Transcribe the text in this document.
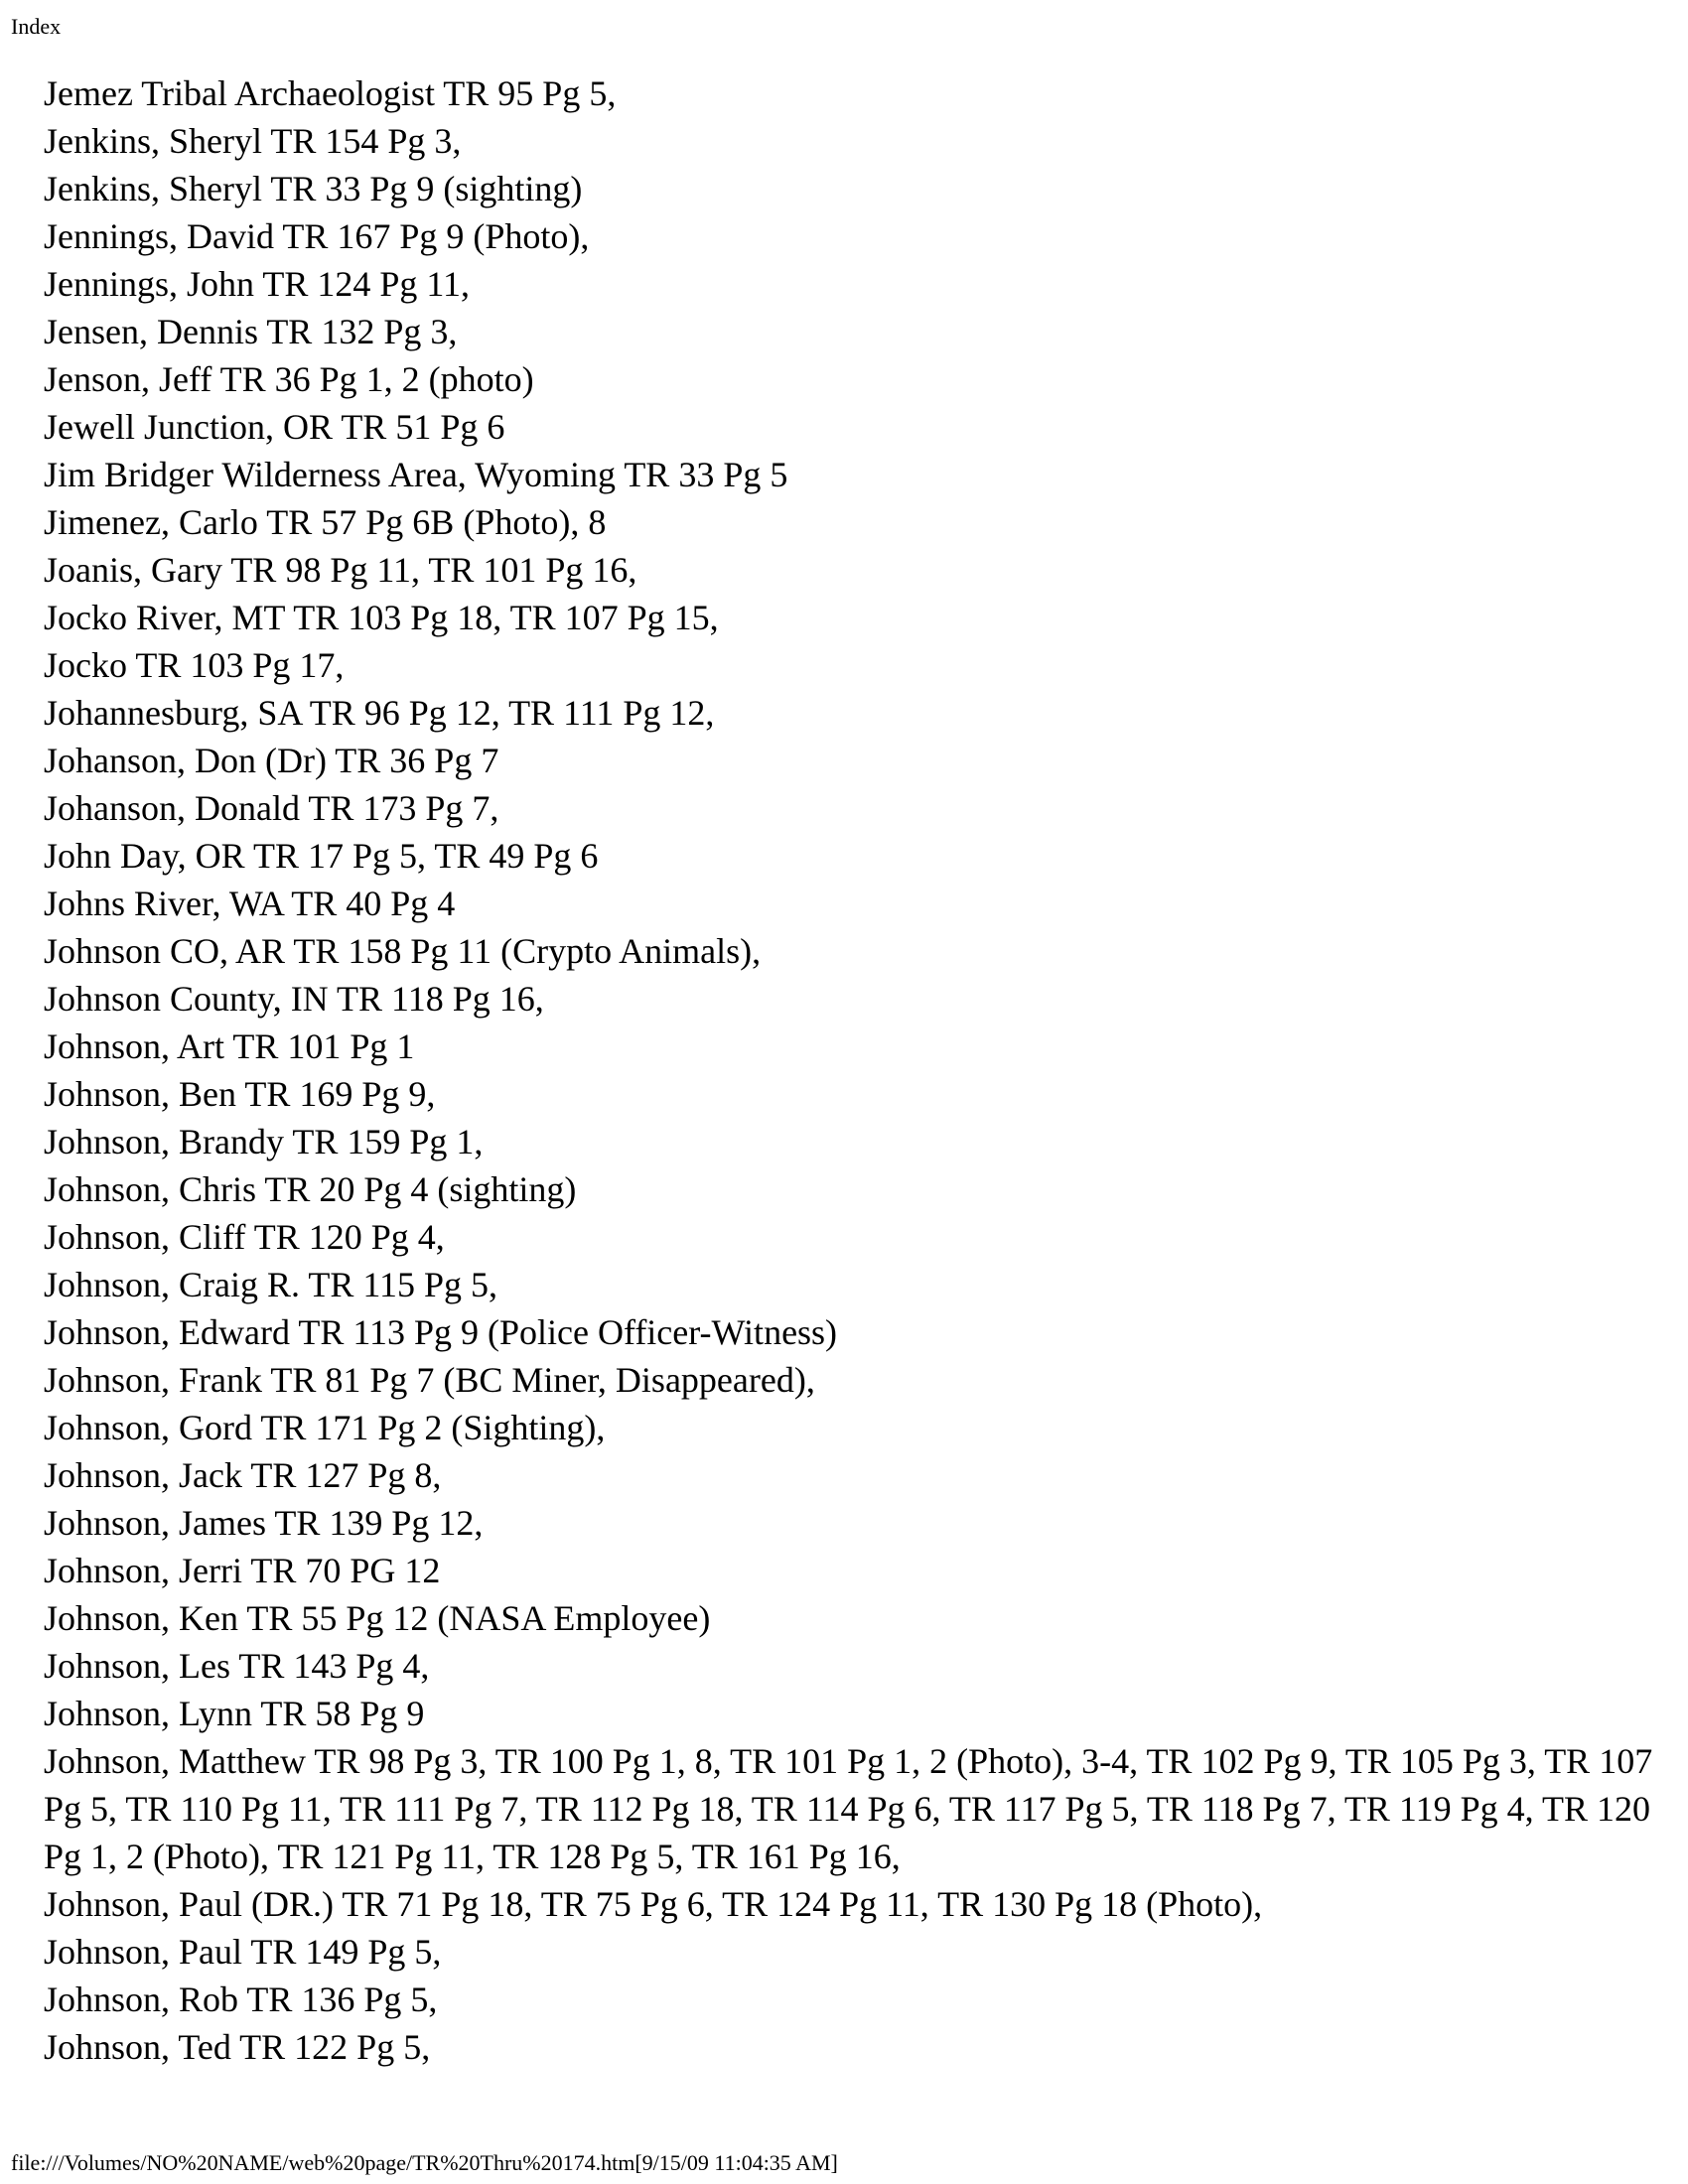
Index
Jemez Tribal Archaeologist TR 95 Pg 5,
Jenkins, Sheryl TR 154 Pg 3,
Jenkins, Sheryl TR 33 Pg 9 (sighting)
Jennings, David TR 167 Pg 9 (Photo),
Jennings, John TR 124 Pg 11,
Jensen, Dennis TR 132 Pg 3,
Jenson, Jeff TR 36 Pg 1, 2 (photo)
Jewell Junction, OR TR 51 Pg 6
Jim Bridger Wilderness Area, Wyoming TR 33 Pg 5
Jimenez, Carlo TR 57 Pg 6B (Photo), 8
Joanis, Gary TR 98 Pg 11, TR 101 Pg 16,
Jocko River, MT TR 103 Pg 18, TR 107 Pg 15,
Jocko TR 103 Pg 17,
Johannesburg, SA TR 96 Pg 12, TR 111 Pg 12,
Johanson, Don (Dr) TR 36 Pg 7
Johanson, Donald TR 173 Pg 7,
John Day, OR TR 17 Pg 5, TR 49 Pg 6
Johns River, WA TR 40 Pg 4
Johnson CO, AR TR 158 Pg 11 (Crypto Animals),
Johnson County, IN TR 118 Pg 16,
Johnson, Art TR 101 Pg 1
Johnson, Ben TR 169 Pg 9,
Johnson, Brandy TR 159 Pg 1,
Johnson, Chris TR 20 Pg 4 (sighting)
Johnson, Cliff TR 120 Pg 4,
Johnson, Craig R. TR 115 Pg 5,
Johnson, Edward TR 113 Pg 9 (Police Officer-Witness)
Johnson, Frank TR 81 Pg 7 (BC Miner, Disappeared),
Johnson, Gord TR 171 Pg 2 (Sighting),
Johnson, Jack TR 127 Pg 8,
Johnson, James TR 139 Pg 12,
Johnson, Jerri TR 70 PG 12
Johnson, Ken TR 55 Pg 12 (NASA Employee)
Johnson, Les TR 143 Pg 4,
Johnson, Lynn TR 58 Pg 9
Johnson, Matthew TR 98 Pg 3, TR 100 Pg 1, 8, TR 101 Pg 1, 2 (Photo), 3-4, TR 102 Pg 9, TR 105 Pg 3, TR 107 Pg 5, TR 110 Pg 11, TR 111 Pg 7, TR 112 Pg 18, TR 114 Pg 6, TR 117 Pg 5, TR 118 Pg 7, TR 119 Pg 4, TR 120 Pg 1, 2 (Photo), TR 121 Pg 11, TR 128 Pg 5, TR 161 Pg 16,
Johnson, Paul (DR.) TR 71 Pg 18, TR 75 Pg 6, TR 124 Pg 11, TR 130 Pg 18 (Photo),
Johnson, Paul TR 149 Pg 5,
Johnson, Rob TR 136 Pg 5,
Johnson, Ted TR 122 Pg 5,
file:///Volumes/NO%20NAME/web%20page/TR%20Thru%20174.htm[9/15/09 11:04:35 AM]
